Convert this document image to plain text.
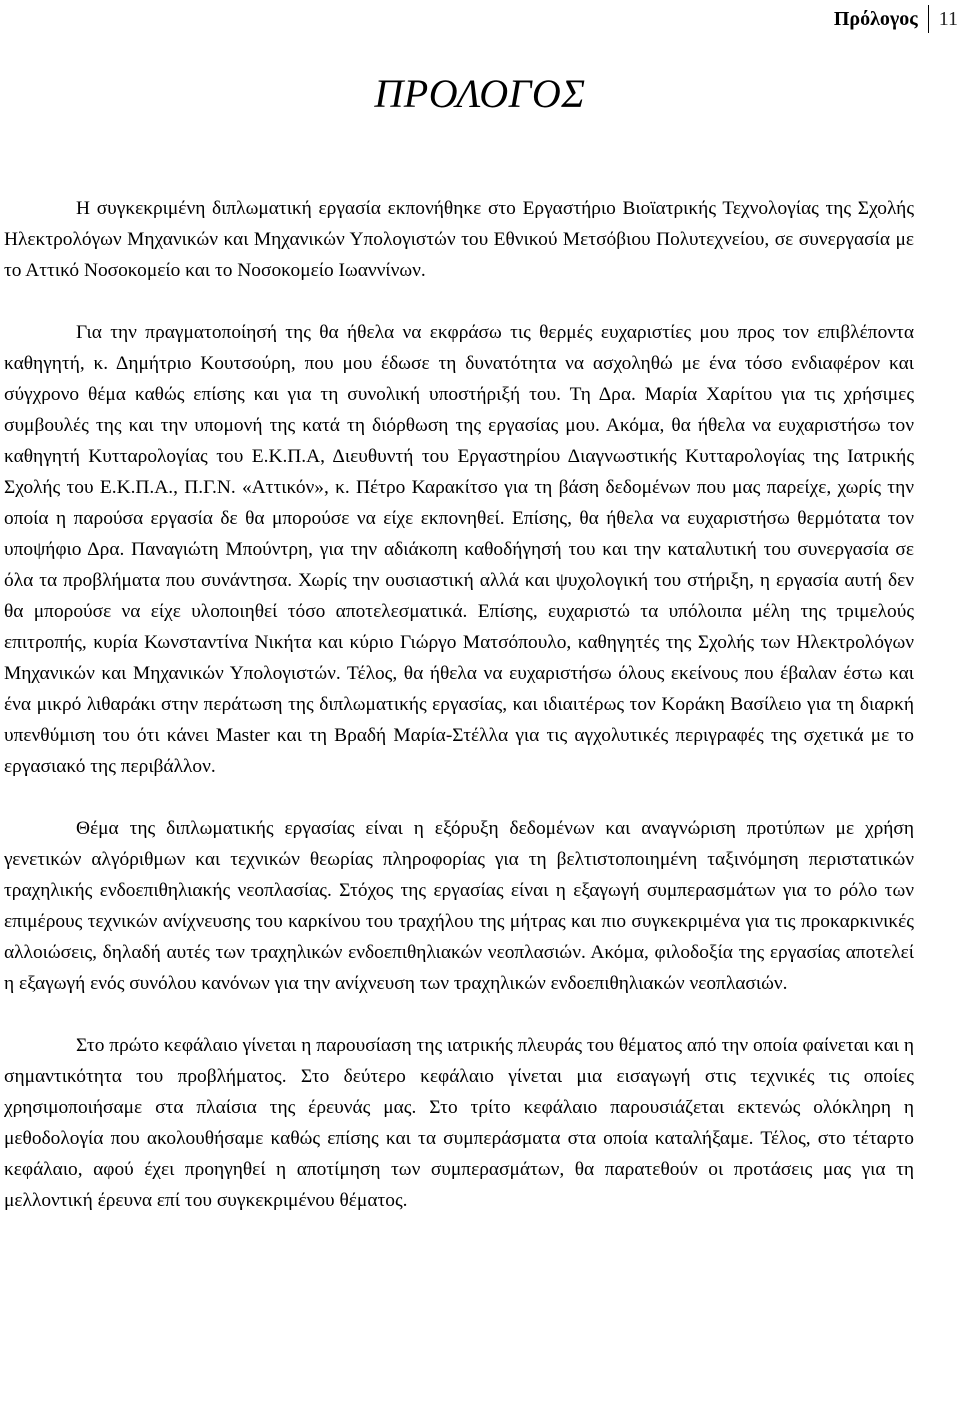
Πρόλογος	11
ΠΡΟΛΟΓΟΣ

Η συγκεκριμένη διπλωματική εργασία εκπονήθηκε στο Εργαστήριο Βιοϊατρικής Τεχνολογίας της Σχολής Ηλεκτρολόγων Μηχανικών και Μηχανικών Υπολογιστών του Εθνικού Μετσόβιου Πολυτεχνείου, σε συνεργασία με το Αττικό Νοσοκομείο και το Νοσοκομείο Ιωαννίνων.

Για την πραγματοποίησή της θα ήθελα να εκφράσω τις θερμές ευχαριστίες μου προς τον επιβλέποντα καθηγητή, κ. Δημήτριο Κουτσούρη, που μου έδωσε τη δυνατότητα να ασχοληθώ με ένα τόσο ενδιαφέρον και σύγχρονο θέμα καθώς επίσης και για τη συνολική υποστήριξή του. Τη Δρα. Μαρία Χαρίτου για τις χρήσιμες συμβουλές της και την υπομονή της κατά τη διόρθωση της εργασίας μου. Ακόμα, θα ήθελα να ευχαριστήσω τον καθηγητή Κυτταρολογίας του Ε.Κ.Π.Α, Διευθυντή του Εργαστηρίου Διαγνωστικής Κυτταρολογίας της Ιατρικής Σχολής του Ε.Κ.Π.Α., Π.Γ.Ν. «Αττικόν», κ. Πέτρο Καρακίτσο για τη βάση δεδομένων που μας παρείχε, χωρίς την οποία η παρούσα εργασία δε θα μπορούσε να είχε εκπονηθεί. Επίσης, θα ήθελα να ευχαριστήσω θερμότατα τον υποψήφιο Δρα. Παναγιώτη Μπούντρη, για την αδιάκοπη καθοδήγησή του και την καταλυτική του συνεργασία σε όλα τα προβλήματα που συνάντησα. Χωρίς την ουσιαστική αλλά και ψυχολογική του στήριξη, η εργασία αυτή δεν θα μπορούσε να είχε υλοποιηθεί τόσο αποτελεσματικά. Επίσης, ευχαριστώ τα υπόλοιπα μέλη της τριμελούς επιτροπής, κυρία Κωνσταντίνα Νικήτα και κύριο Γιώργο Ματσόπουλο, καθηγητές της Σχολής των Ηλεκτρολόγων Μηχανικών και Μηχανικών Υπολογιστών. Τέλος, θα ήθελα να ευχαριστήσω όλους εκείνους που έβαλαν έστω και ένα μικρό λιθαράκι στην περάτωση της διπλωματικής εργασίας, και ιδιαιτέρως τον Κοράκη Βασίλειο για τη διαρκή υπενθύμιση του ότι κάνει Master και τη Βραδή Μαρία-Στέλλα για τις αγχολυτικές περιγραφές της σχετικά με το εργασιακό της περιβάλλον.

Θέμα της διπλωματικής εργασίας είναι η εξόρυξη δεδομένων και αναγνώριση προτύπων με χρήση γενετικών αλγόριθμων και τεχνικών θεωρίας πληροφορίας για τη βελτιστοποιημένη ταξινόμηση περιστατικών τραχηλικής ενδοεπιθηλιακής νεοπλασίας. Στόχος της εργασίας είναι η εξαγωγή συμπερασμάτων για το ρόλο των επιμέρους τεχνικών ανίχνευσης του καρκίνου του τραχήλου της μήτρας και πιο συγκεκριμένα για τις προκαρκινικές αλλοιώσεις, δηλαδή αυτές των τραχηλικών ενδοεπιθηλιακών νεοπλασιών. Ακόμα, φιλοδοξία της εργασίας αποτελεί η εξαγωγή ενός συνόλου κανόνων για την ανίχνευση των τραχηλικών ενδοεπιθηλιακών νεοπλασιών.

Στο πρώτο κεφάλαιο γίνεται η παρουσίαση της ιατρικής πλευράς του θέματος από την οποία φαίνεται και η σημαντικότητα του προβλήματος. Στο δεύτερο κεφάλαιο γίνεται μια εισαγωγή στις τεχνικές τις οποίες χρησιμοποιήσαμε στα πλαίσια της έρευνάς μας. Στο τρίτο κεφάλαιο παρουσιάζεται εκτενώς ολόκληρη η μεθοδολογία που ακολουθήσαμε καθώς επίσης και τα συμπεράσματα στα οποία καταλήξαμε. Τέλος, στο τέταρτο κεφάλαιο, αφού έχει προηγηθεί η αποτίμηση των συμπερασμάτων, θα παρατεθούν οι προτάσεις μας για τη μελλοντική έρευνα επί του συγκεκριμένου θέματος.
